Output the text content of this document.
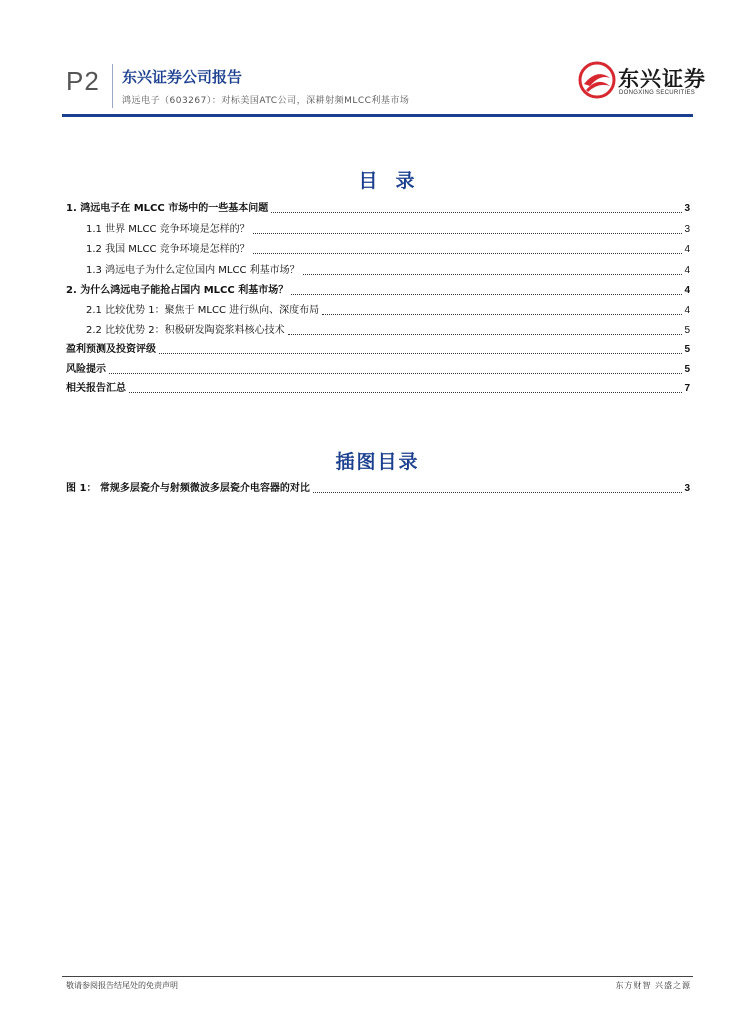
P2 东兴证券公司报告
鸿远电子（603267）：对标美国ATC公司，深耕射频MLCC利基市场
东兴证券
DONGXING SECURITIES
目录
1. 鸿远电子在 MLCC 市场中的一些基本问题	3
1.1 世界 MLCC 竞争环境是怎样的？	3
1.2 我国 MLCC 竞争环境是怎样的？	4
1.3 鸿远电子为什么定位国内 MLCC 利基市场？	4
2. 为什么鸿远电子能抢占国内 MLCC 利基市场？	4
2.1 比较优势 1：聚焦于 MLCC 进行纵向、深度布局	4
2.2 比较优势 2：积极研发陶瓷浆料核心技术	5
盈利预测及投资评级	5
风险提示	5
相关报告汇总	7
插图目录
图 1： 常规多层瓷介与射频微波多层瓷介电容器的对比	3
敬请参阅报告结尾处的免责声明	东方财智 兴盛之源
